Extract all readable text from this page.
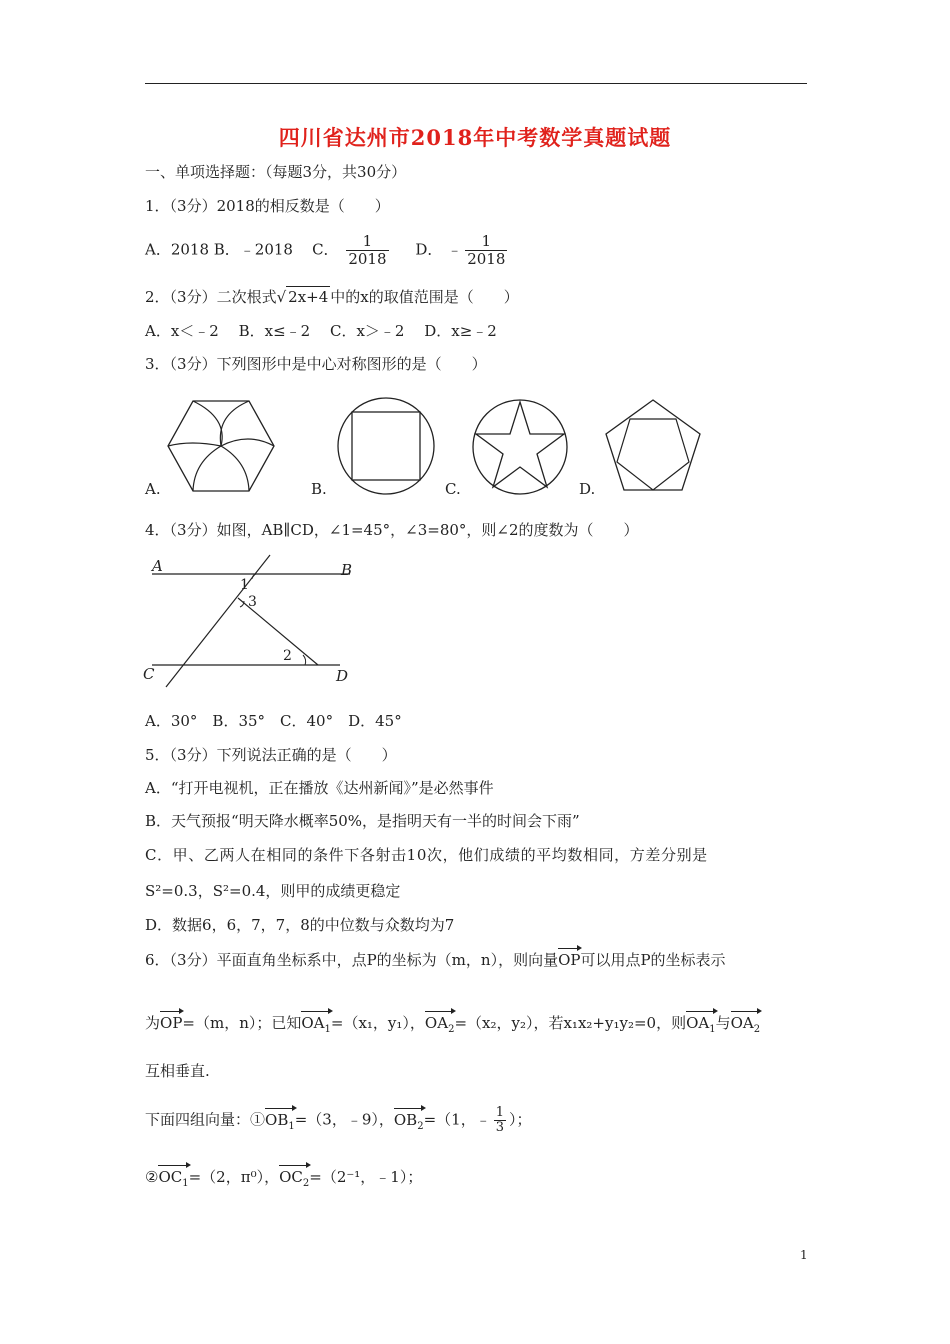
四川省达州市2018年中考数学真题试题
一、单项选择题：（每题3分，共30分）
1．（3分）2018的相反数是（　　）
A．2018 B．﹣2018 C． $\frac{1}{2018}$ D． ﹣ $\frac{1}{2018}$
2．（3分）二次根式√ 2x+4 中的x的取值范围是（　　）
A．x＜﹣2　 B．x≤﹣2　 C．x＞﹣2　 D．x≥﹣2
3．（3分）下列图形中是中心对称图形的是（　　）
A.	B.	C.	D.
4．（3分）如图，AB∥CD，∠1=45°，∠3=80°，则∠2的度数为（　　）
A	B
C	D
1
3
2
A．30°　B．35°　C．40°　D．45°
5．（3分）下列说法正确的是（　　）
A．“打开电视机，正在播放《达州新闻》”是必然事件
B．天气预报“明天降水概率50%，是指明天有一半的时间会下雨”
C．甲、乙两人在相同的条件下各射击10次，他们成绩的平均数相同，方差分别是
S²=0.3，S²=0.4，则甲的成绩更稳定
D．数据6，6，7，7，8的中位数与众数均为7
6．（3分）平面直角坐标系中，点P的坐标为（m，n），则向量OP可以用点P的坐标表示
为OP=（m，n）；已知$OA_1=(x_1$，y₁），$OA_2=(x_2$，y₂），若x₁x₂+y₁y₂=0，则$OA_1$与$OA_2$
互相垂直.
下面四组向量：$①OB_1=(3$，﹣9），$OB_2=(1$，﹣ $\frac{1}{3}$ ）；
$②OC_1=(2$，π⁰），$OC_2=(2^{-1}$，﹣1）；
1
